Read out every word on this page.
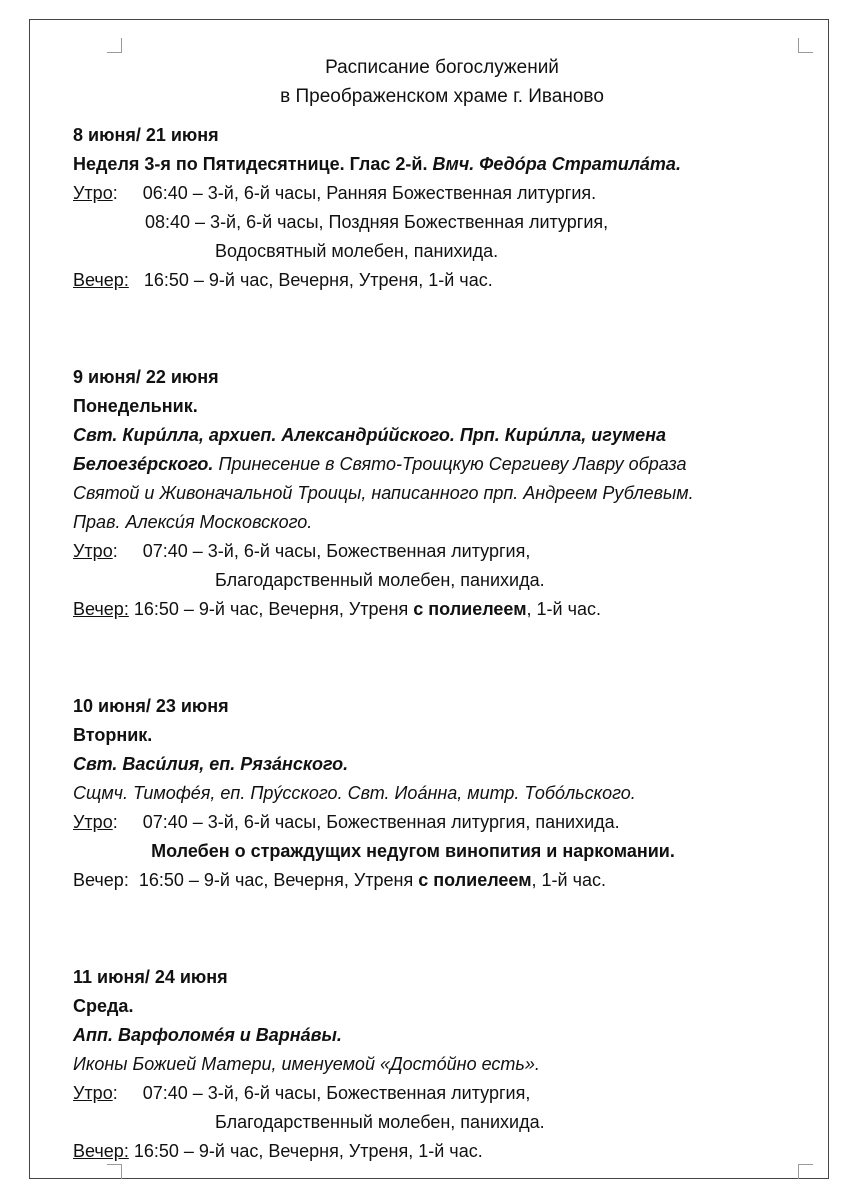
Расписание богослужений
в Преображенском храме г. Иваново
8 июня/ 21 июня
Неделя 3-я по Пятидесятнице. Глас 2-й. Вмч. Федóра Стратилáта.
Утро: 06:40 – 3-й, 6-й часы, Ранняя Божественная литургия.
08:40 – 3-й, 6-й часы, Поздняя Божественная литургия,
Водосвятный молебен, панихида.
Вечер: 16:50 – 9-й час, Вечерня, Утреня, 1-й час.
9 июня/ 22 июня
Понедельник.
Свт. Кири́лла, архиеп. Александри́йского. Прп. Кири́лла, игумена
Белоезéрского. Принесение в Свято-Троицкую Сергиеву Лавру образа
Святой и Живоначальной Троицы, написанного прп. Андреем Рублевым.
Прав. Алекси́я Московского.
Утро: 07:40 – 3-й, 6-й часы, Божественная литургия,
Благодарственный молебен, панихида.
Вечер: 16:50 – 9-й час, Вечерня, Утреня с полиелеем, 1-й час.
10 июня/ 23 июня
Вторник.
Свт. Васи́лия, еп. Ряза́нского.
Сщмч. Тимофéя, еп. Прýсского. Свт. Иоáнна, митр. Тобóльского.
Утро: 07:40 – 3-й, 6-й часы, Божественная литургия, панихида.
Молебен о страждущих недугом винопития и наркомании.
Вечер: 16:50 – 9-й час, Вечерня, Утреня с полиелеем, 1-й час.
11 июня/ 24 июня
Среда.
Апп. Варфоломéя и Варнáвы.
Иконы Божией Матери, именуемой «Достóйно есть».
Утро: 07:40 – 3-й, 6-й часы, Божественная литургия,
Благодарственный молебен, панихида.
Вечер: 16:50 – 9-й час, Вечерня, Утреня, 1-й час.
